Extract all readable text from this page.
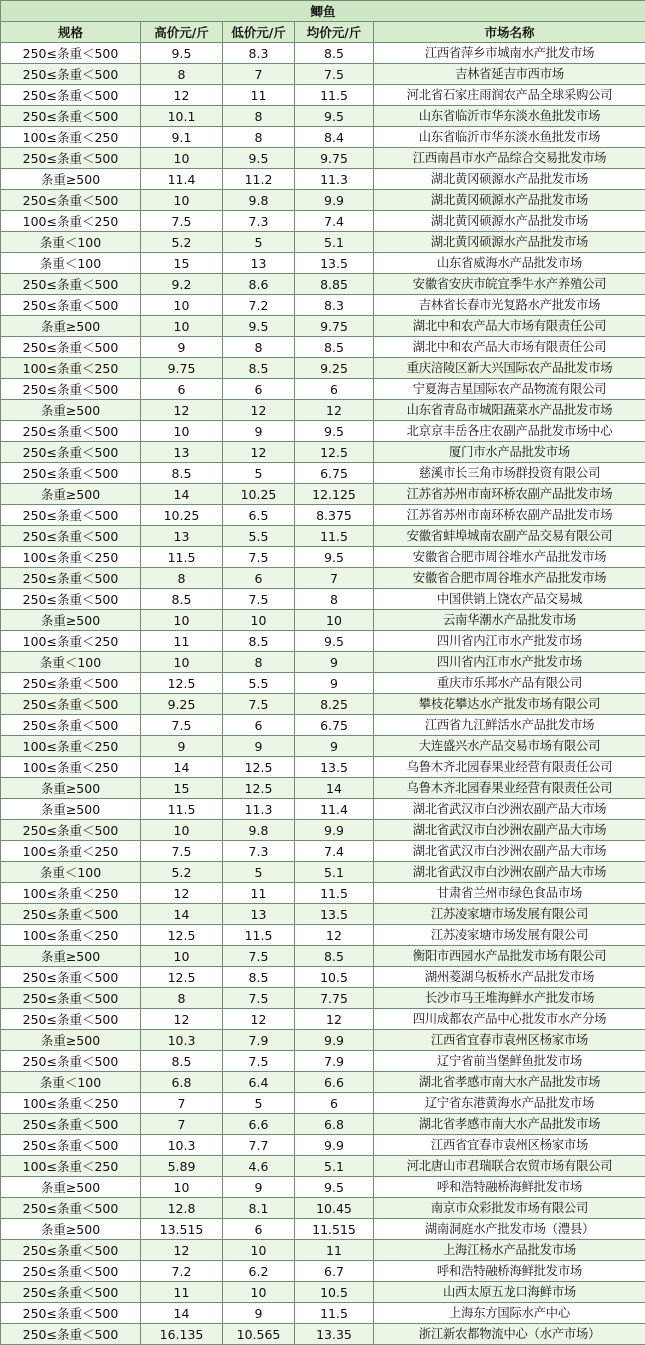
鲫鱼				
规格	高价元/斤	低价元/斤	均价元/斤	市场名称
250≤条重＜500	9.5	8.3	8.5	江西省萍乡市城南水产批发市场
250≤条重＜500	8	7	7.5	吉林省延吉市西市场
250≤条重＜500	12	11	11.5	河北省石家庄雨润农产品全球采购公司
250≤条重＜500	10.1	8	9.5	山东省临沂市华东淡水鱼批发市场
100≤条重＜250	9.1	8	8.4	山东省临沂市华东淡水鱼批发市场
250≤条重＜500	10	9.5	9.75	江西南昌市水产品综合交易批发市场
条重≥500	11.4	11.2	11.3	湖北黄冈硕源水产品批发市场
250≤条重＜500	10	9.8	9.9	湖北黄冈硕源水产品批发市场
100≤条重＜250	7.5	7.3	7.4	湖北黄冈硕源水产品批发市场
条重＜100	5.2	5	5.1	湖北黄冈硕源水产品批发市场
条重＜100	15	13	13.5	山东省威海水产品批发市场
250≤条重＜500	9.2	8.6	8.85	安徽省安庆市皖宜季牛水产养殖公司
250≤条重＜500	10	7.2	8.3	吉林省长春市光复路水产批发市场
条重≥500	10	9.5	9.75	湖北中和农产品大市场有限责任公司
250≤条重＜500	9	8	8.5	湖北中和农产品大市场有限责任公司
100≤条重＜250	9.75	8.5	9.25	重庆涪陵区新大兴国际农产品批发市场
250≤条重＜500	6	6	6	宁夏海吉星国际农产品物流有限公司
条重≥500	12	12	12	山东省青岛市城阳蔬菜水产品批发市场
250≤条重＜500	10	9	9.5	北京京丰岳各庄农副产品批发市场中心
250≤条重＜500	13	12	12.5	厦门市水产品批发市场
250≤条重＜500	8.5	5	6.75	慈溪市长三角市场群投资有限公司
条重≥500	14	10.25	12.125	江苏省苏州市南环桥农副产品批发市场
250≤条重＜500	10.25	6.5	8.375	江苏省苏州市南环桥农副产品批发市场
250≤条重＜500	13	5.5	11.5	安徽省蚌埠城南农副产品交易有限公司
100≤条重＜250	11.5	7.5	9.5	安徽省合肥市周谷堆水产品批发市场
250≤条重＜500	8	6	7	安徽省合肥市周谷堆水产品批发市场
250≤条重＜500	8.5	7.5	8	中国供销上饶农产品交易城
条重≥500	10	10	10	云南华潮水产品批发市场
100≤条重＜250	11	8.5	9.5	四川省内江市水产批发市场
条重＜100	10	8	9	四川省内江市水产批发市场
250≤条重＜500	12.5	5.5	9	重庆市乐邦水产品有限公司
250≤条重＜500	9.25	7.5	8.25	攀枝花攀达水产批发市场有限公司
250≤条重＜500	7.5	6	6.75	江西省九江鲜活水产品批发市场
100≤条重＜250	9	9	9	大连盛兴水产品交易市场有限公司
100≤条重＜250	14	12.5	13.5	乌鲁木齐北园春果业经营有限责任公司
条重≥500	15	12.5	14	乌鲁木齐北园春果业经营有限责任公司
条重≥500	11.5	11.3	11.4	湖北省武汉市白沙洲农副产品大市场
250≤条重＜500	10	9.8	9.9	湖北省武汉市白沙洲农副产品大市场
100≤条重＜250	7.5	7.3	7.4	湖北省武汉市白沙洲农副产品大市场
条重＜100	5.2	5	5.1	湖北省武汉市白沙洲农副产品大市场
100≤条重＜250	12	11	11.5	甘肃省兰州市绿色食品市场
250≤条重＜500	14	13	13.5	江苏凌家塘市场发展有限公司
100≤条重＜250	12.5	11.5	12	江苏凌家塘市场发展有限公司
条重≥500	10	7.5	8.5	衡阳市西园水产品批发市场有限公司
250≤条重＜500	12.5	8.5	10.5	湖州菱湖乌板桥水产品批发市场
250≤条重＜500	8	7.5	7.75	长沙市马王堆海鲜水产批发市场
250≤条重＜500	12	12	12	四川成都农产品中心批发市水产分场
条重≥500	10.3	7.9	9.9	江西省宜春市袁州区杨家市场
250≤条重＜500	8.5	7.5	7.9	辽宁省前当堡鲜鱼批发市场
条重＜100	6.8	6.4	6.6	湖北省孝感市南大水产品批发市场
100≤条重＜250	7	5	6	辽宁省东港黄海水产品批发市场
250≤条重＜500	7	6.6	6.8	湖北省孝感市南大水产品批发市场
250≤条重＜500	10.3	7.7	9.9	江西省宜春市袁州区杨家市场
100≤条重＜250	5.89	4.6	5.1	河北唐山市君瑞联合农贸市场有限公司
条重≥500	10	9	9.5	呼和浩特融桥海鲜批发市场
250≤条重＜500	12.8	8.1	10.45	南京市众彩批发市场有限公司
条重≥500	13.515	6	11.515	湖南洞庭水产批发市场（澧县）
250≤条重＜500	12	10	11	上海江杨水产品批发市场
250≤条重＜500	7.2	6.2	6.7	呼和浩特融桥海鲜批发市场
250≤条重＜500	11	10	10.5	山西太原五龙口海鲜市场
250≤条重＜500	14	9	11.5	上海东方国际水产中心
250≤条重＜500	16.135	10.565	13.35	浙江新农都物流中心（水产市场）
